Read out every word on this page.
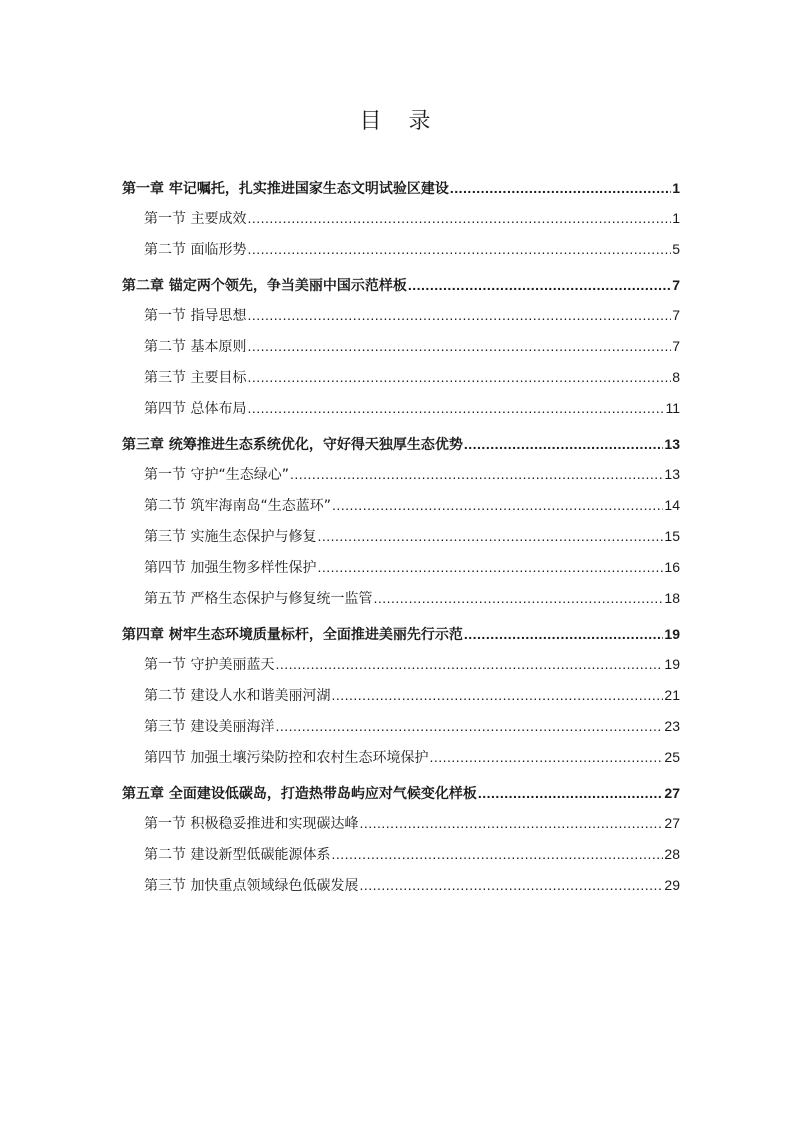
目 录
第一章 牢记嘱托，扎实推进国家生态文明试验区建设 .....	1
第一节 主要成效 .....	1
第二节 面临形势 .....	5
第二章 锚定两个领先，争当美丽中国示范样板 .....	7
第一节 指导思想 .....	7
第二节 基本原则 .....	7
第三节 主要目标 .....	8
第四节 总体布局 .....	11
第三章 统筹推进生态系统优化，守好得天独厚生态优势 .....	13
第一节 守护“生态绿心” .....	13
第二节 筑牢海南岛“生态蓝环” .....	14
第三节 实施生态保护与修复 .....	15
第四节 加强生物多样性保护 .....	16
第五节 严格生态保护与修复统一监管 .....	18
第四章 树牢生态环境质量标杆，全面推进美丽先行示范 .....	19
第一节 守护美丽蓝天 .....	19
第二节 建设人水和谐美丽河湖 .....	21
第三节 建设美丽海洋 .....	23
第四节 加强土壤污染防控和农村生态环境保护 .....	25
第五章 全面建设低碳岛，打造热带岛屿应对气候变化样板 .....	27
第一节 积极稳妥推进和实现碳达峰 .....	27
第二节 建设新型低碳能源体系 .....	28
第三节 加快重点领域绿色低碳发展 .....	29
